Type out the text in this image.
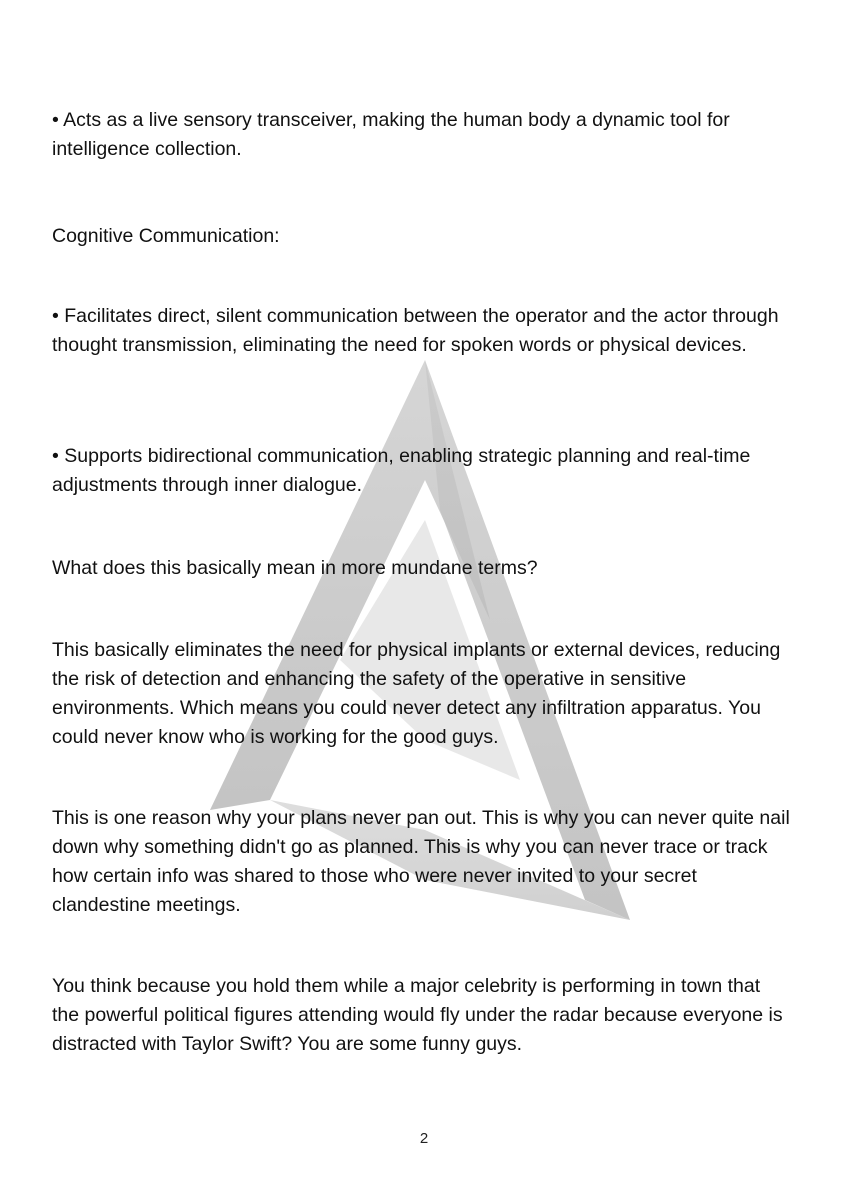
• Acts as a live sensory transceiver, making the human body a dynamic tool for intelligence collection.

Cognitive Communication:

• Facilitates direct, silent communication between the operator and the actor through thought transmission, eliminating the need for spoken words or physical devices.

• Supports bidirectional communication, enabling strategic planning and real-time adjustments through inner dialogue.

What does this basically mean in more mundane terms?

This basically eliminates the need for physical implants or external devices, reducing the risk of detection and enhancing the safety of the operative in sensitive environments. Which means you could never detect any infiltration apparatus. You could never know who is working for the good guys.

This is one reason why your plans never pan out. This is why you can never quite nail down why something didn't go as planned. This is why you can never trace or track how certain info was shared to those who were never invited to your secret clandestine meetings.

You think because you hold them while a major celebrity is performing in town that the powerful political figures attending would fly under the radar because everyone is distracted with Taylor Swift? You are some funny guys.

2
